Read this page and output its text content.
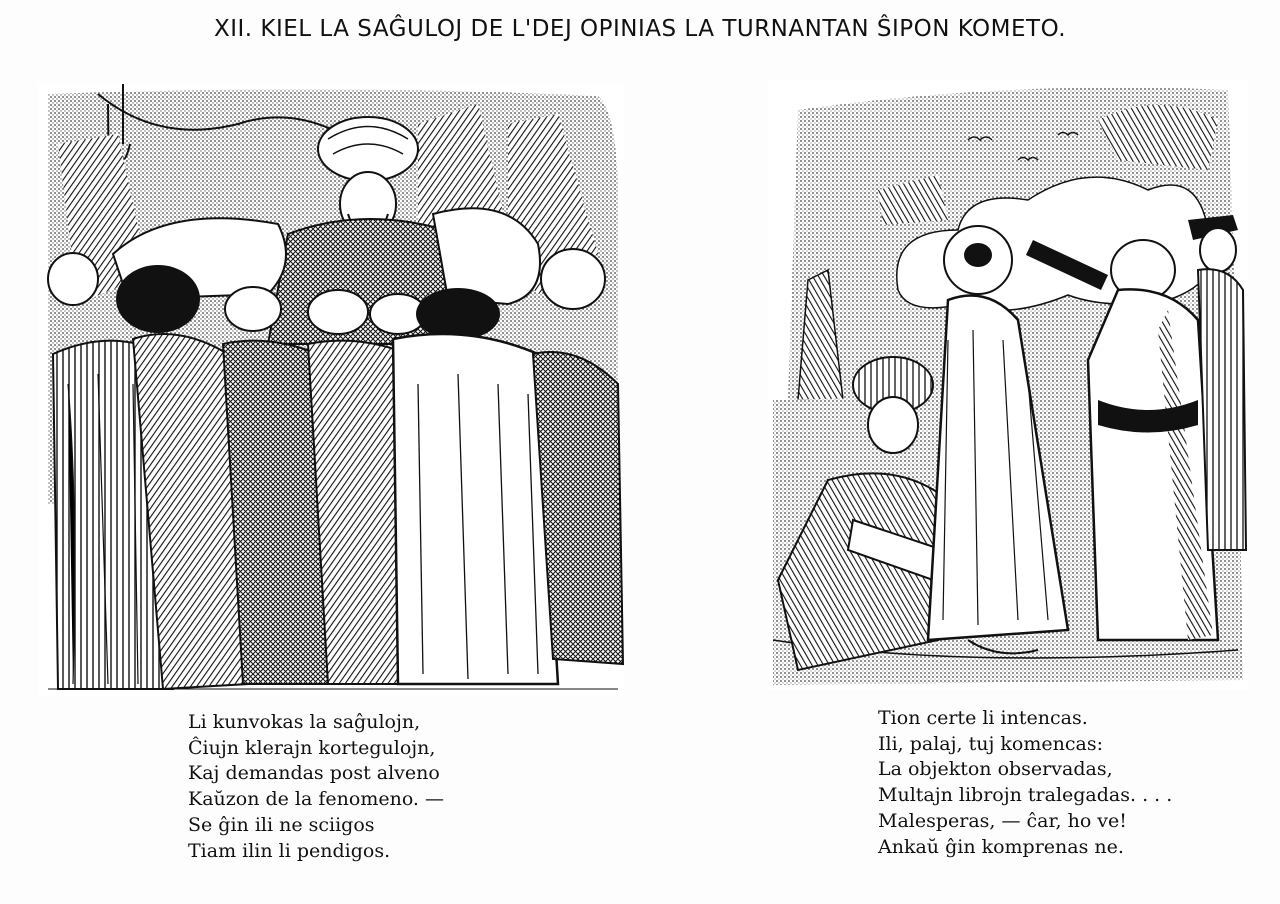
XII. KIEL LA SAĜULOJ DE L'DEJ OPINIAS LA TURNANTAN ŜIPON KOMETO.
Li kunvokas la saĝulojn,
Ĉiujn klerajn kortegulojn,
Kaj demandas post alveno
Kaŭzon de la fenomeno. —
Se ĝin ili ne sciigos
Tiam ilin li pendigos.
Tion certe li intencas.
Ili, palaj, tuj komencas:
La objekton observadas,
Multajn librojn tralegadas. . . .
Malesperas, — ĉar, ho ve!
Ankaŭ ĝin komprenas ne.
